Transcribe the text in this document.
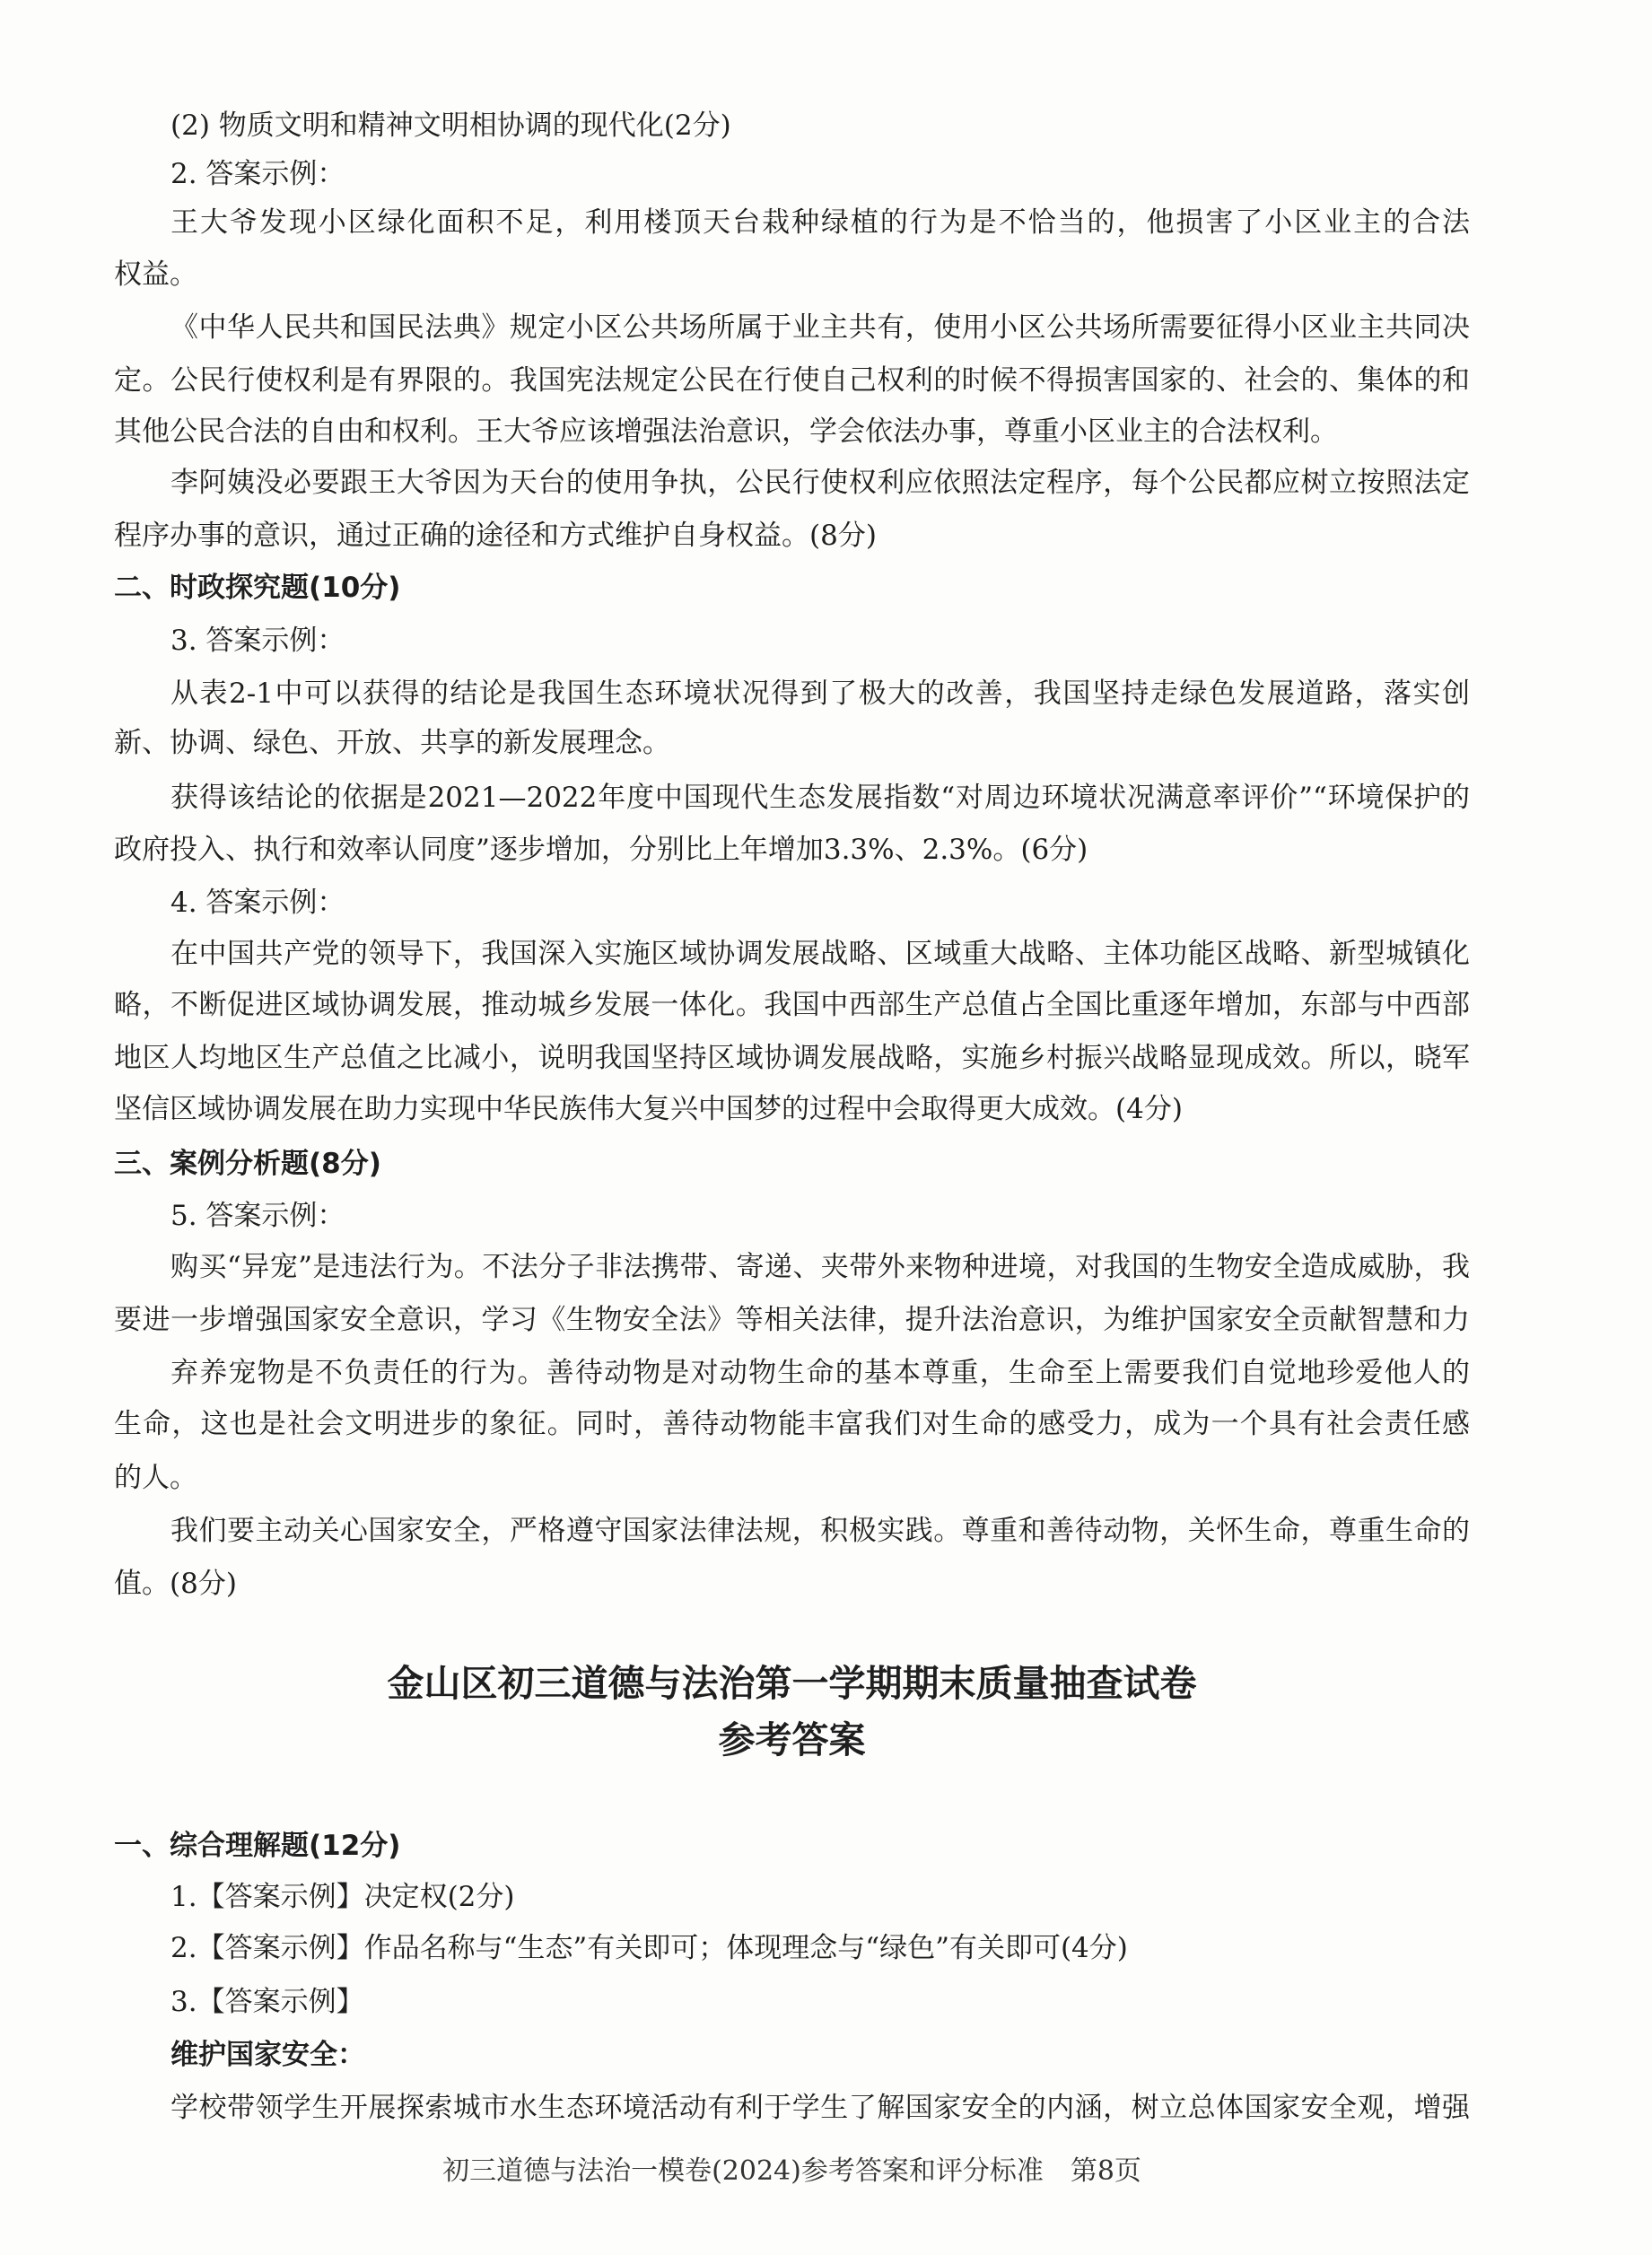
(2) 物质文明和精神文明相协调的现代化(2分)
2. 答案示例：
王大爷发现小区绿化面积不足，利用楼顶天台栽种绿植的行为是不恰当的，他损害了小区业主的合法
权益。
《中华人民共和国民法典》规定小区公共场所属于业主共有，使用小区公共场所需要征得小区业主共同决
定。公民行使权利是有界限的。我国宪法规定公民在行使自己权利的时候不得损害国家的、社会的、集体的和
其他公民合法的自由和权利。王大爷应该增强法治意识，学会依法办事，尊重小区业主的合法权利。
李阿姨没必要跟王大爷因为天台的使用争执，公民行使权利应依照法定程序，每个公民都应树立按照法定
程序办事的意识，通过正确的途径和方式维护自身权益。(8分)
二、时政探究题(10分)
3. 答案示例：
从表2-1中可以获得的结论是我国生态环境状况得到了极大的改善，我国坚持走绿色发展道路，落实创
新、协调、绿色、开放、共享的新发展理念。
获得该结论的依据是2021—2022年度中国现代生态发展指数“对周边环境状况满意率评价”“环境保护的
政府投入、执行和效率认同度”逐步增加，分别比上年增加3.3%、2.3%。(6分)
4. 答案示例：
在中国共产党的领导下，我国深入实施区域协调发展战略、区域重大战略、主体功能区战略、新型城镇化
略，不断促进区域协调发展，推动城乡发展一体化。我国中西部生产总值占全国比重逐年增加，东部与中西部
地区人均地区生产总值之比减小，说明我国坚持区域协调发展战略，实施乡村振兴战略显现成效。所以，晓军
坚信区域协调发展在助力实现中华民族伟大复兴中国梦的过程中会取得更大成效。(4分)
三、案例分析题(8分)
5. 答案示例：
购买“异宠”是违法行为。不法分子非法携带、寄递、夹带外来物种进境，对我国的生物安全造成威胁，我
要进一步增强国家安全意识，学习《生物安全法》等相关法律，提升法治意识，为维护国家安全贡献智慧和力
弃养宠物是不负责任的行为。善待动物是对动物生命的基本尊重，生命至上需要我们自觉地珍爱他人的
生命，这也是社会文明进步的象征。同时，善待动物能丰富我们对生命的感受力，成为一个具有社会责任感
的人。
我们要主动关心国家安全，严格遵守国家法律法规，积极实践。尊重和善待动物，关怀生命，尊重生命的
值。(8分)
金山区初三道德与法治第一学期期末质量抽查试卷
参考答案
一、综合理解题(12分)
1.【答案示例】决定权(2分)
2.【答案示例】作品名称与“生态”有关即可；体现理念与“绿色”有关即可(4分)
3.【答案示例】
维护国家安全：
学校带领学生开展探索城市水生态环境活动有利于学生了解国家安全的内涵，树立总体国家安全观，增强
初三道德与法治一模卷(2024)参考答案和评分标准　第8页
